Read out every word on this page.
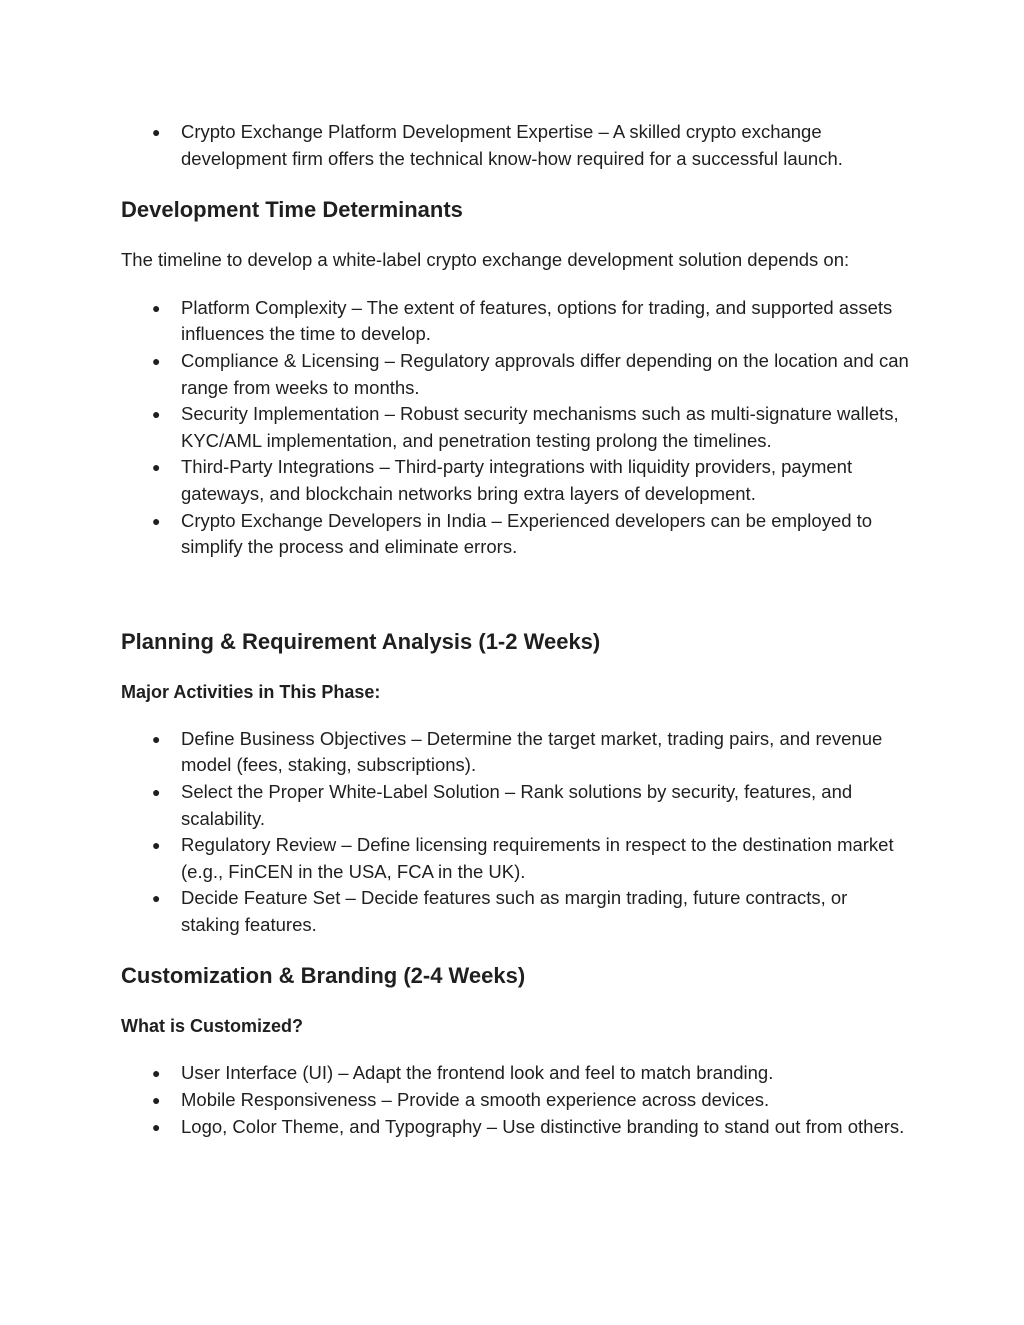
● Crypto Exchange Platform Development Expertise – A skilled crypto exchange development firm offers the technical know-how required for a successful launch.
Development Time Determinants

The timeline to develop a white-label crypto exchange development solution depends on:

● Platform Complexity – The extent of features, options for trading, and supported assets influences the time to develop.
● Compliance & Licensing – Regulatory approvals differ depending on the location and can range from weeks to months.
● Security Implementation – Robust security mechanisms such as multi-signature wallets, KYC/AML implementation, and penetration testing prolong the timelines.
● Third-Party Integrations – Third-party integrations with liquidity providers, payment gateways, and blockchain networks bring extra layers of development.
● Crypto Exchange Developers in India – Experienced developers can be employed to simplify the process and eliminate errors.
Planning & Requirement Analysis (1-2 Weeks)
Major Activities in This Phase:
● Define Business Objectives – Determine the target market, trading pairs, and revenue model (fees, staking, subscriptions).
● Select the Proper White-Label Solution – Rank solutions by security, features, and scalability.
● Regulatory Review – Define licensing requirements in respect to the destination market (e.g., FinCEN in the USA, FCA in the UK).
● Decide Feature Set – Decide features such as margin trading, future contracts, or staking features.
Customization & Branding (2-4 Weeks)
What is Customized?
● User Interface (UI) – Adapt the frontend look and feel to match branding.
● Mobile Responsiveness – Provide a smooth experience across devices.
● Logo, Color Theme, and Typography – Use distinctive branding to stand out from others.
